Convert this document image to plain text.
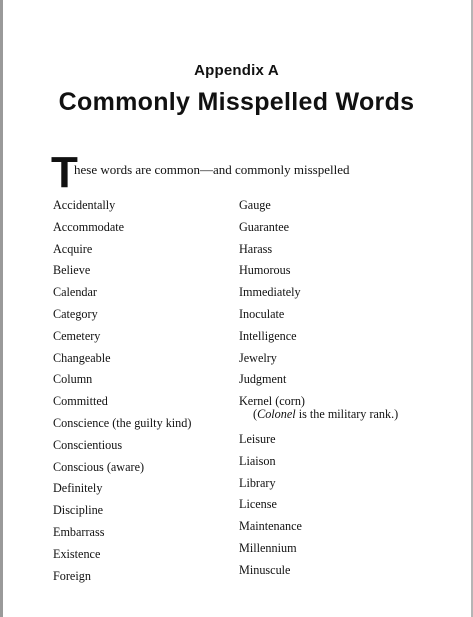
Appendix A
Commonly Misspelled Words
T
hese words are common—and commonly misspelled
Accidentally
Accommodate
Acquire
Believe
Calendar
Category
Cemetery
Changeable
Column
Committed
Conscience (the guilty kind)
Conscientious
Conscious (aware)
Definitely
Discipline
Embarrass
Existence
Foreign
Gauge
Guarantee
Harass
Humorous
Immediately
Inoculate
Intelligence
Jewelry
Judgment
Kernel (corn)
(Colonel is the military rank.)
Leisure
Liaison
Library
License
Maintenance
Millennium
Minuscule
